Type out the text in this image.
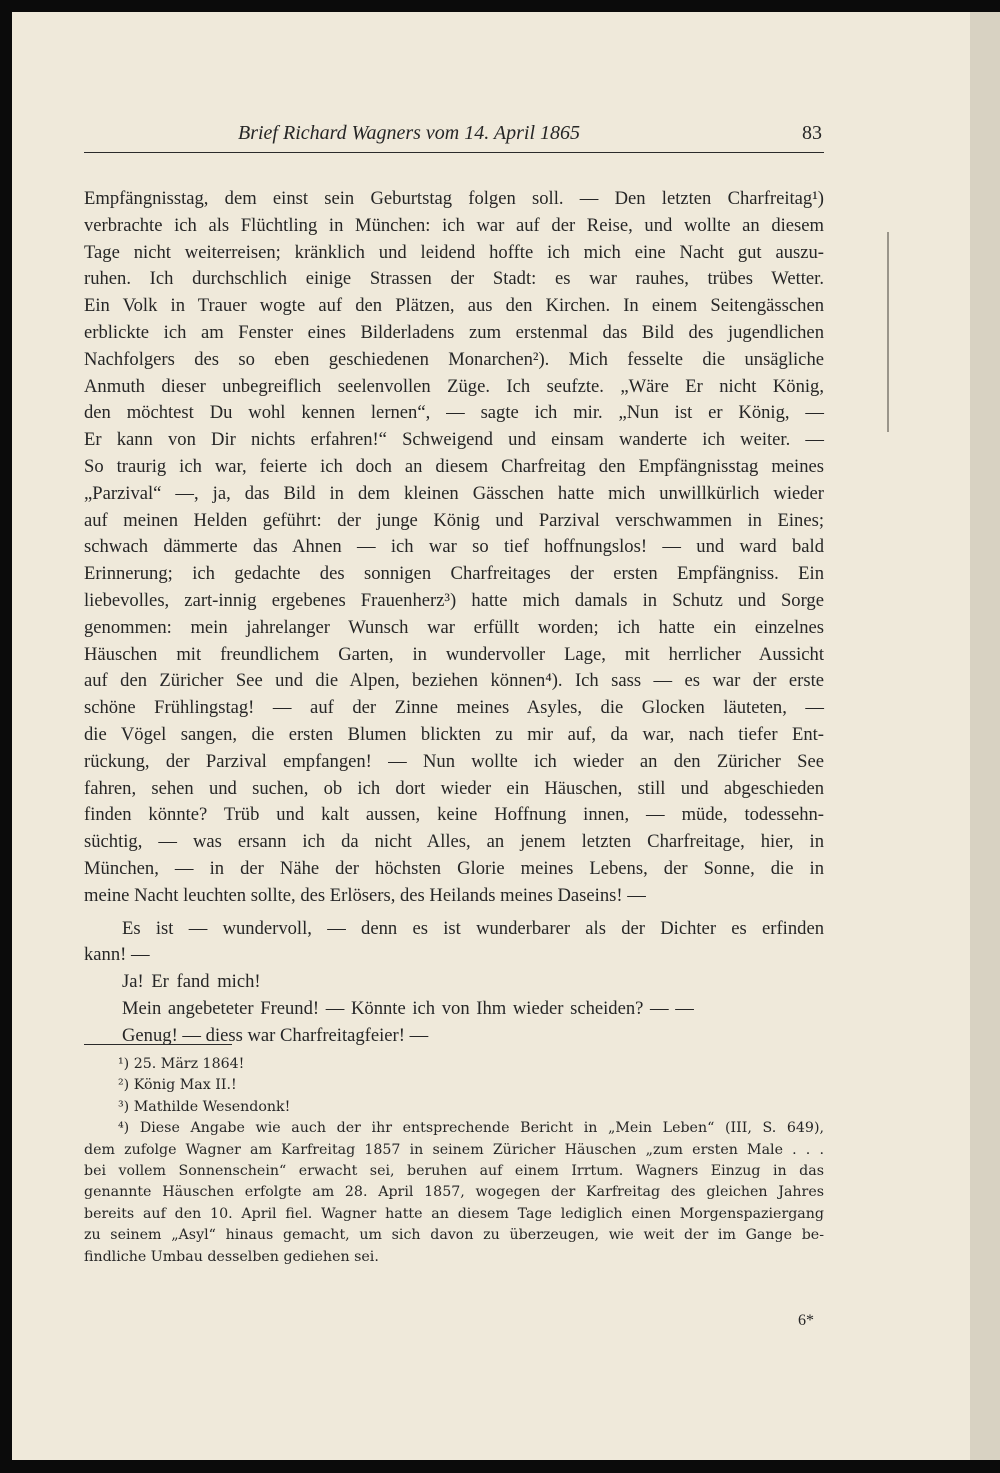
Brief Richard Wagners vom 14. April 1865	83
Empfängnisstag, dem einst sein Geburtstag folgen soll. — Den letzten Charfreitag¹)
verbrachte ich als Flüchtling in München: ich war auf der Reise, und wollte an diesem
Tage nicht weiterreisen; kränklich und leidend hoffte ich mich eine Nacht gut auszu-
ruhen. Ich durchschlich einige Strassen der Stadt: es war rauhes, trübes Wetter.
Ein Volk in Trauer wogte auf den Plätzen, aus den Kirchen. In einem Seitengässchen
erblickte ich am Fenster eines Bilderladens zum erstenmal das Bild des jugendlichen
Nachfolgers des so eben geschiedenen Monarchen²). Mich fesselte die unsägliche
Anmuth dieser unbegreiflich seelenvollen Züge. Ich seufzte. „Wäre Er nicht König,
den möchtest Du wohl kennen lernen“, — sagte ich mir. „Nun ist er König, —
Er kann von Dir nichts erfahren!“ Schweigend und einsam wanderte ich weiter. —
So traurig ich war, feierte ich doch an diesem Charfreitag den Empfängnisstag meines
„Parzival“ —, ja, das Bild in dem kleinen Gässchen hatte mich unwillkürlich wieder
auf meinen Helden geführt: der junge König und Parzival verschwammen in Eines;
schwach dämmerte das Ahnen — ich war so tief hoffnungslos! — und ward bald
Erinnerung; ich gedachte des sonnigen Charfreitages der ersten Empfängniss. Ein
liebevolles, zart-innig ergebenes Frauenherz³) hatte mich damals in Schutz und Sorge
genommen: mein jahrelanger Wunsch war erfüllt worden; ich hatte ein einzelnes
Häuschen mit freundlichem Garten, in wundervoller Lage, mit herrlicher Aussicht
auf den Züricher See und die Alpen, beziehen können⁴). Ich sass — es war der erste
schöne Frühlingstag! — auf der Zinne meines Asyles, die Glocken läuteten, —
die Vögel sangen, die ersten Blumen blickten zu mir auf, da war, nach tiefer Ent-
rückung, der Parzival empfangen! — Nun wollte ich wieder an den Züricher See
fahren, sehen und suchen, ob ich dort wieder ein Häuschen, still und abgeschieden
finden könnte? Trüb und kalt aussen, keine Hoffnung innen, — müde, todessehn-
süchtig, — was ersann ich da nicht Alles, an jenem letzten Charfreitage, hier, in
München, — in der Nähe der höchsten Glorie meines Lebens, der Sonne, die in
meine Nacht leuchten sollte, des Erlösers, des Heilands meines Daseins! —
Es ist — wundervoll, — denn es ist wunderbarer als der Dichter es erfinden
kann! —
Ja! Er fand mich!
Mein angebeteter Freund! — Könnte ich von Ihm wieder scheiden? — —
Genug! — diess war Charfreitagfeier! —
¹) 25. März 1864!
²) König Max II.!
³) Mathilde Wesendonk!
⁴) Diese Angabe wie auch der ihr entsprechende Bericht in „Mein Leben“ (III, S. 649),
dem zufolge Wagner am Karfreitag 1857 in seinem Züricher Häuschen „zum ersten Male . . .
bei vollem Sonnenschein“ erwacht sei, beruhen auf einem Irrtum. Wagners Einzug in das
genannte Häuschen erfolgte am 28. April 1857, wogegen der Karfreitag des gleichen Jahres
bereits auf den 10. April fiel. Wagner hatte an diesem Tage lediglich einen Morgenspaziergang
zu seinem „Asyl“ hinaus gemacht, um sich davon zu überzeugen, wie weit der im Gange be-
findliche Umbau desselben gediehen sei.
6*
